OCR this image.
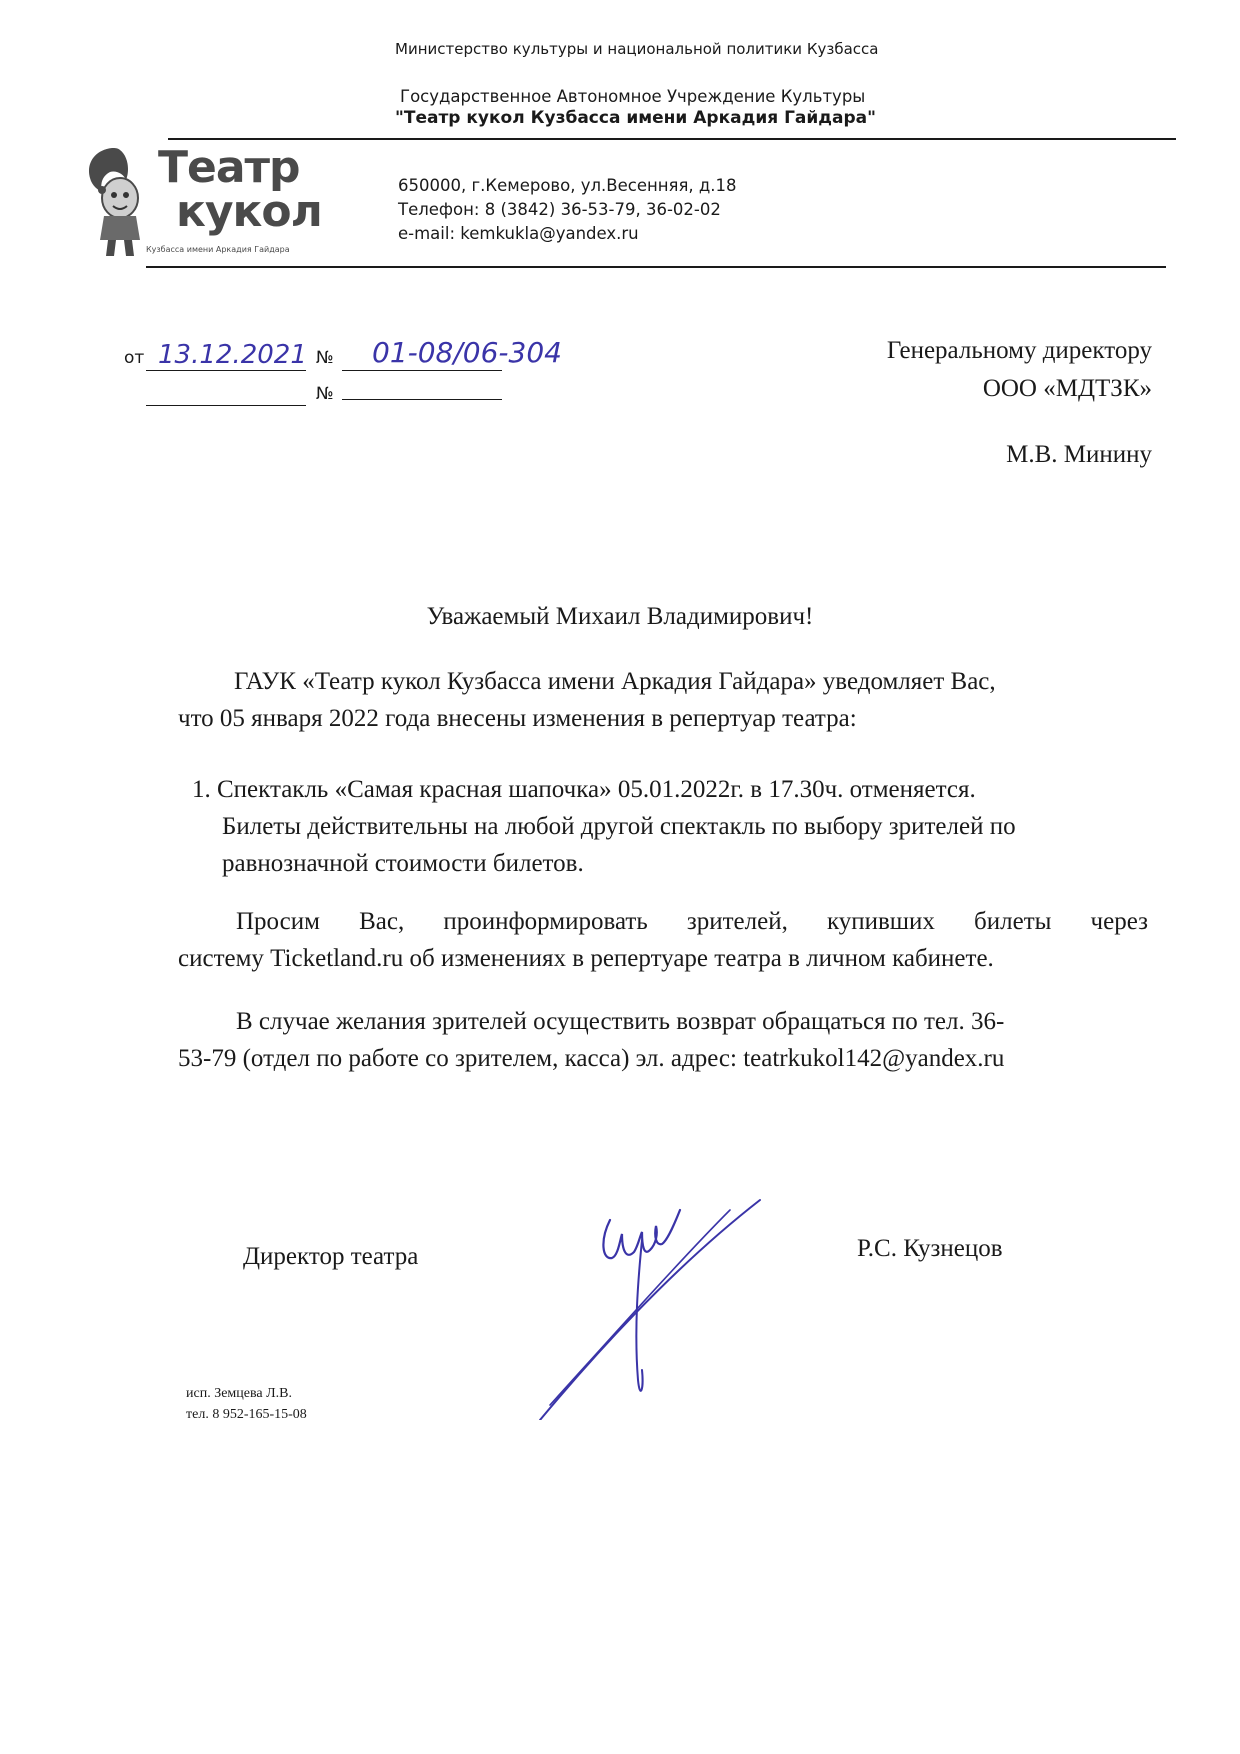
Министерство культуры и национальной политики Кузбасса
Государственное Автономное Учреждение Культуры
"Театр кукол Кузбасса имени Аркадия Гайдара"
Театр
кукол
Кузбасса имени Аркадия Гайдара
650000, г.Кемерово, ул.Весенняя, д.18
Телефон: 8 (3842) 36-53-79, 36-02-02
e-mail: kemkukla@yandex.ru
от 13.12.2021 № 01-08/06-304
№
Генеральному директору
ООО «МДТЗК»
М.В. Минину
Уважаемый Михаил Владимирович!
ГАУК «Театр кукол Кузбасса имени Аркадия Гайдара» уведомляет Вас,
что 05 января 2022 года внесены изменения в репертуар театра:
1. Спектакль «Самая красная шапочка» 05.01.2022г. в 17.30ч. отменяется.
Билеты действительны на любой другой спектакль по выбору зрителей по
равнозначной стоимости билетов.
Просим Вас, проинформировать зрителей, купивших билеты через
систему Ticketland.ru об изменениях в репертуаре театра в личном кабинете.
В случае желания зрителей осуществить возврат обращаться по тел. 36-
53-79 (отдел по работе со зрителем, касса) эл. адрес: teatrkukol142@yandex.ru
Директор театра	Р.С. Кузнецов
исп. Земцева Л.В.
тел. 8 952-165-15-08
